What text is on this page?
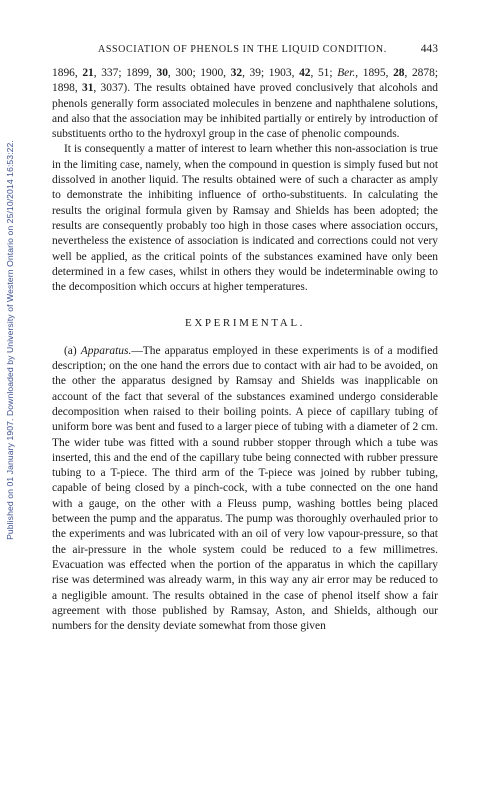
Published on 01 January 1907. Downloaded by University of Western Ontario on 25/10/2014 16:53:22.
ASSOCIATION OF PHENOLS IN THE LIQUID CONDITION.	443

1896, 21, 337; 1899, 30, 300; 1900, 32, 39; 1903, 42, 51; Ber., 1895, 28, 2878; 1898, 31, 3037). The results obtained have proved conclusively that alcohols and phenols generally form associated molecules in benzene and naphthalene solutions, and also that the association may be inhibited partially or entirely by introduction of substituents ortho to the hydroxyl group in the case of phenolic compounds.

It is consequently a matter of interest to learn whether this non-association is true in the limiting case, namely, when the compound in question is simply fused but not dissolved in another liquid. The results obtained were of such a character as amply to demonstrate the inhibiting influence of ortho-substituents. In calculating the results the original formula given by Ramsay and Shields has been adopted; the results are consequently probably too high in those cases where association occurs, nevertheless the existence of association is indicated and corrections could not very well be applied, as the critical points of the substances examined have only been determined in a few cases, whilst in others they would be indeterminable owing to the decomposition which occurs at higher temperatures.

EXPERIMENTAL.

(a) Apparatus.—The apparatus employed in these experiments is of a modified description; on the one hand the errors due to contact with air had to be avoided, on the other the apparatus designed by Ramsay and Shields was inapplicable on account of the fact that several of the substances examined undergo considerable decomposition when raised to their boiling points. A piece of capillary tubing of uniform bore was bent and fused to a larger piece of tubing with a diameter of 2 cm. The wider tube was fitted with a sound rubber stopper through which a tube was inserted, this and the end of the capillary tube being connected with rubber pressure tubing to a T-piece. The third arm of the T-piece was joined by rubber tubing, capable of being closed by a pinch-cock, with a tube connected on the one hand with a gauge, on the other with a Fleuss pump, washing bottles being placed between the pump and the apparatus. The pump was thoroughly overhauled prior to the experiments and was lubricated with an oil of very low vapour-pressure, so that the air-pressure in the whole system could be reduced to a few millimetres. Evacuation was effected when the portion of the apparatus in which the capillary rise was determined was already warm, in this way any air error may be reduced to a negligible amount. The results obtained in the case of phenol itself show a fair agreement with those published by Ramsay, Aston, and Shields, although our numbers for the density deviate somewhat from those given
